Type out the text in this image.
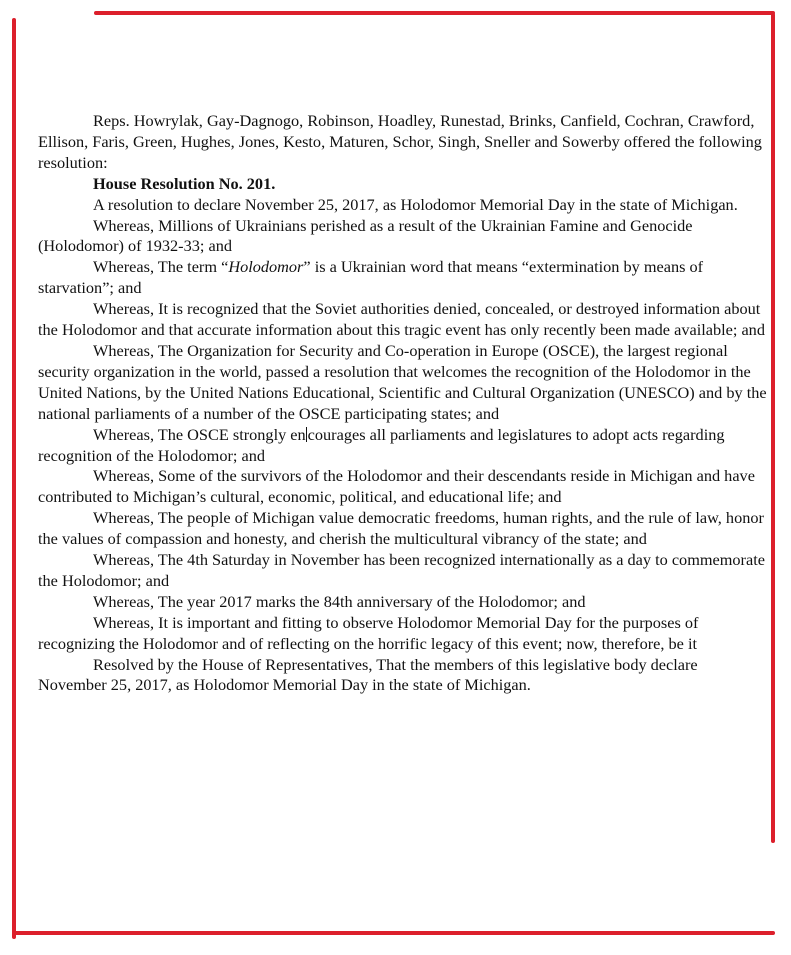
Reps. Howrylak, Gay-Dagnogo, Robinson, Hoadley, Runestad, Brinks, Canfield, Cochran, Crawford, Ellison, Faris, Green, Hughes, Jones, Kesto, Maturen, Schor, Singh, Sneller and Sowerby offered the following resolution:

House Resolution No. 201.

A resolution to declare November 25, 2017, as Holodomor Memorial Day in the state of Michigan.

Whereas, Millions of Ukrainians perished as a result of the Ukrainian Famine and Genocide (Holodomor) of 1932-33; and

Whereas, The term “Holodomor” is a Ukrainian word that means “extermination by means of starvation”; and

Whereas, It is recognized that the Soviet authorities denied, concealed, or destroyed information about the Holodomor and that accurate information about this tragic event has only recently been made available; and

Whereas, The Organization for Security and Co-operation in Europe (OSCE), the largest regional security organization in the world, passed a resolution that welcomes the recognition of the Holodomor in the United Nations, by the United Nations Educational, Scientific and Cultural Organization (UNESCO) and by the national parliaments of a number of the OSCE participating states; and

Whereas, The OSCE strongly en courages all parliaments and legislatures to adopt acts regarding recognition of the Holodomor; and

Whereas, Some of the survivors of the Holodomor and their descendants reside in Michigan and have contributed to Michigan’s cultural, economic, political, and educational life; and

Whereas, The people of Michigan value democratic freedoms, human rights, and the rule of law, honor the values of compassion and honesty, and cherish the multicultural vibrancy of the state; and

Whereas, The 4th Saturday in November has been recognized internationally as a day to commemorate the Holodomor; and

Whereas, The year 2017 marks the 84th anniversary of the Holodomor; and

Whereas, It is important and fitting to observe Holodomor Memorial Day for the purposes of recognizing the Holodomor and of reflecting on the horrific legacy of this event; now, therefore, be it

Resolved by the House of Representatives, That the members of this legislative body declare November 25, 2017, as Holodomor Memorial Day in the state of Michigan.
